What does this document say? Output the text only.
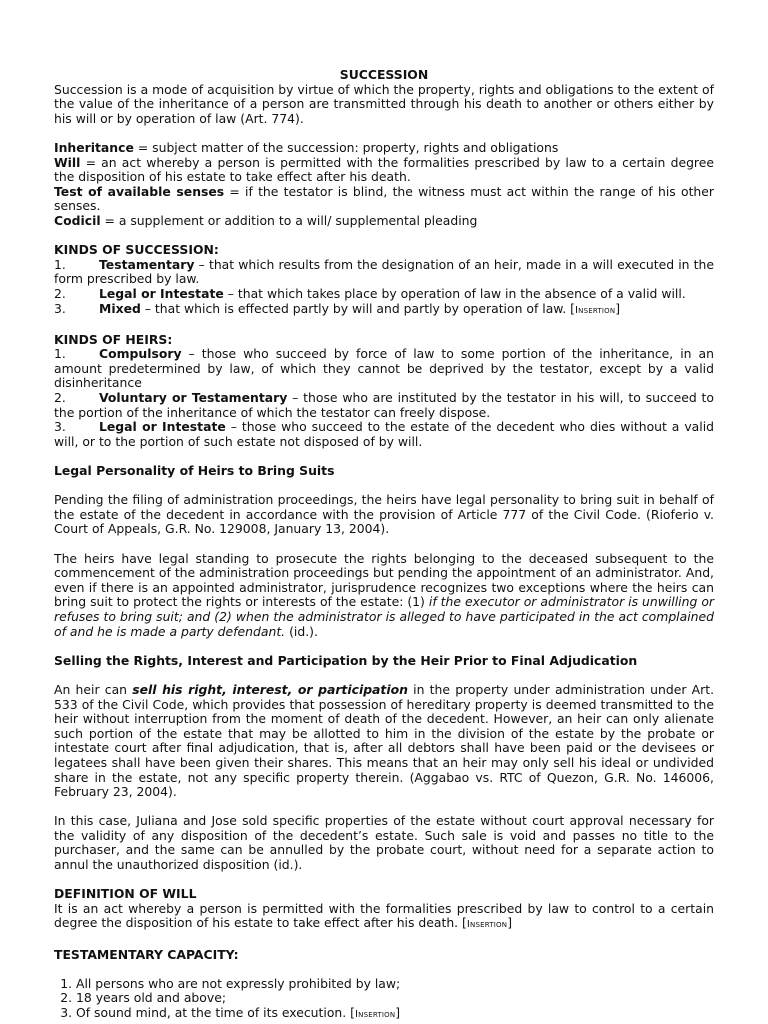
SUCCESSION

Succession is a mode of acquisition by virtue of which the property, rights and obligations to the extent of the value of the inheritance of a person are transmitted through his death to another or others either by his will or by operation of law (Art. 774).

Inheritance = subject matter of the succession: property, rights and obligations

Will = an act whereby a person is permitted with the formalities prescribed by law to a certain degree the disposition of his estate to take effect after his death.

Test of available senses = if the testator is blind, the witness must act within the range of his other senses.

Codicil = a supplement or addition to a will/ supplemental pleading

KINDS OF SUCCESSION:

1.	Testamentary – that which results from the designation of an heir, made in a will executed in the form prescribed by law.

2.	Legal or Intestate – that which takes place by operation of law in the absence of a valid will.

3.	Mixed – that which is effected partly by will and partly by operation of law. [Insertion]

KINDS OF HEIRS:

1.	Compulsory – those who succeed by force of law to some portion of the inheritance, in an amount predetermined by law, of which they cannot be deprived by the testator, except by a valid disinheritance

2.	Voluntary or Testamentary – those who are instituted by the testator in his will, to succeed to the portion of the inheritance of which the testator can freely dispose.

3.	Legal or Intestate – those who succeed to the estate of the decedent who dies without a valid will, or to the portion of such estate not disposed of by will.

Legal Personality of Heirs to Bring Suits

Pending the filing of administration proceedings, the heirs have legal personality to bring suit in behalf of the estate of the decedent in accordance with the provision of Article 777 of the Civil Code. (Rioferio v. Court of Appeals, G.R. No. 129008, January 13, 2004).

The heirs have legal standing to prosecute the rights belonging to the deceased subsequent to the commencement of the administration proceedings but pending the appointment of an administrator. And, even if there is an appointed administrator, jurisprudence recognizes two exceptions where the heirs can bring suit to protect the rights or interests of the estate: (1) if the executor or administrator is unwilling or refuses to bring suit; and (2) when the administrator is alleged to have participated in the act complained of and he is made a party defendant. (id.).

Selling the Rights, Interest and Participation by the Heir Prior to Final Adjudication

An heir can sell his right, interest, or participation in the property under administration under Art. 533 of the Civil Code, which provides that possession of hereditary property is deemed transmitted to the heir without interruption from the moment of death of the decedent. However, an heir can only alienate such portion of the estate that may be allotted to him in the division of the estate by the probate or intestate court after final adjudication, that is, after all debtors shall have been paid or the devisees or legatees shall have been given their shares. This means that an heir may only sell his ideal or undivided share in the estate, not any specific property therein. (Aggabao vs. RTC of Quezon, G.R. No. 146006, February 23, 2004).

In this case, Juliana and Jose sold specific properties of the estate without court approval necessary for the validity of any disposition of the decedent’s estate. Such sale is void and passes no title to the purchaser, and the same can be annulled by the probate court, without need for a separate action to annul the unauthorized disposition (id.).

DEFINITION OF WILL

It is an act whereby a person is permitted with the formalities prescribed by law to control to a certain degree the disposition of his estate to take effect after his death. [Insertion]

TESTAMENTARY CAPACITY:

1. All persons who are not expressly prohibited by law;
2. 18 years old and above;
3. Of sound mind, at the time of its execution. [Insertion]
